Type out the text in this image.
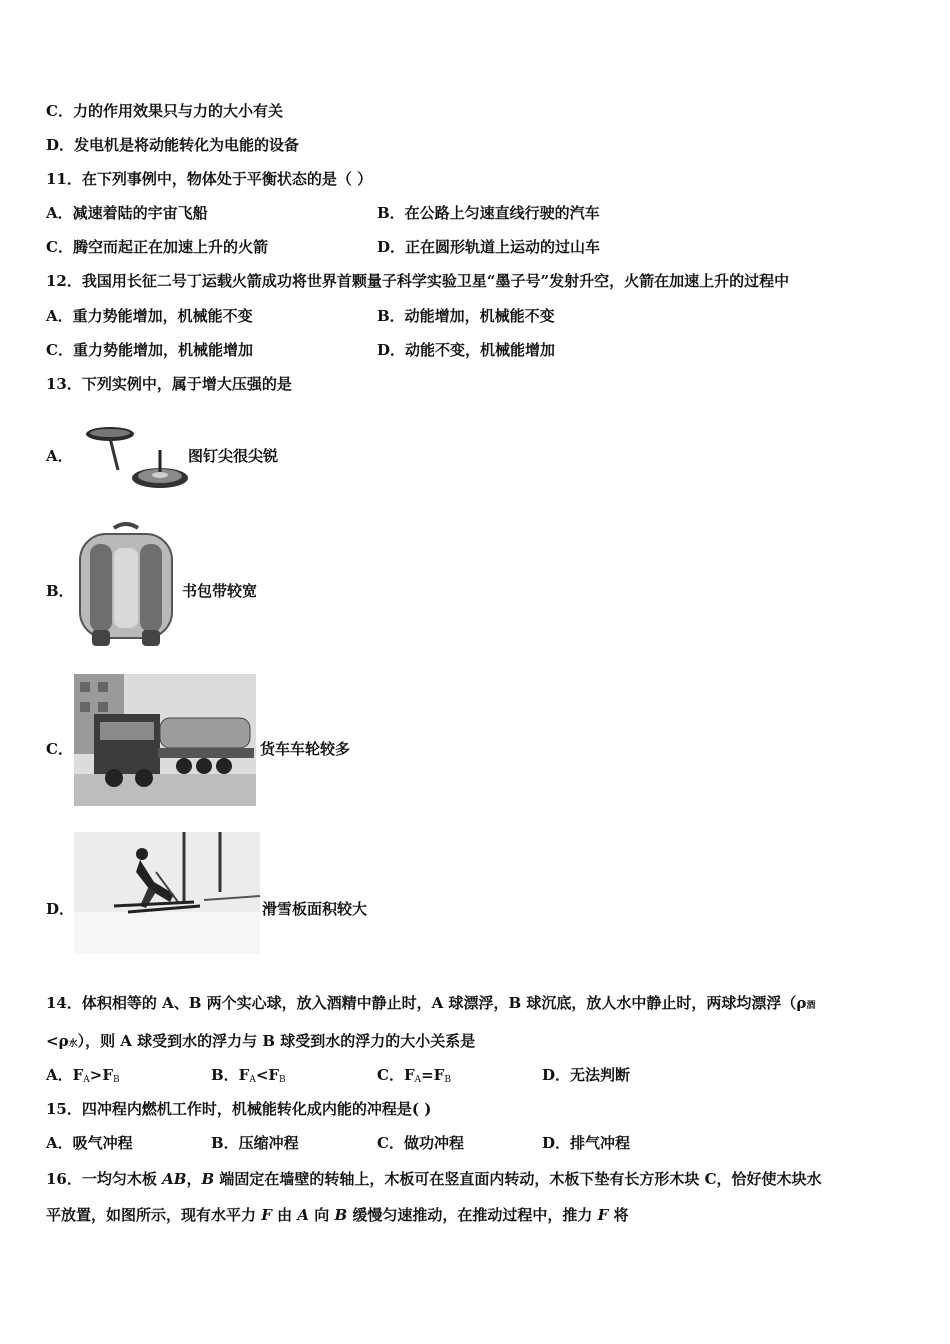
C．力的作用效果只与力的大小有关
D．发电机是将动能转化为电能的设备
11．在下列事例中，物体处于平衡状态的是（ ）
A．减速着陆的宇宙飞船	B．在公路上匀速直线行驶的汽车
C．腾空而起正在加速上升的火箭	D．正在圆形轨道上运动的过山车
12．我国用长征二号丁运载火箭成功将世界首颗量子科学实验卫星“墨子号”发射升空，火箭在加速上升的过程中
A．重力势能增加，机械能不变	B．动能增加，机械能不变
C．重力势能增加，机械能增加	D．动能不变，机械能增加
13．下列实例中，属于增大压强的是
A．	图钉尖很尖锐
B．	书包带较宽
C．	货车车轮较多
D．	滑雪板面积较大
14．体积相等的 A、B 两个实心球，放入酒精中静止时，A 球漂浮，B 球沉底，放人水中静止时，两球均漂浮（ρ酒
<ρ水），则 A 球受到水的浮力与 B 球受到水的浮力的大小关系是
A．$F_A>F_B$	B．$F_A<F_B$	C．$F_A=F_B$	D．无法判断
15．四冲程内燃机工作时，机械能转化成内能的冲程是( )
A．吸气冲程	B．压缩冲程	C．做功冲程	D．排气冲程
16．一均匀木板 AB，B 端固定在墙壁的转轴上，木板可在竖直面内转动，木板下垫有长方形木块 C，恰好使木块水
平放置，如图所示，现有水平力 F 由 A 向 B 缓慢匀速推动，在推动过程中，推力 F 将
